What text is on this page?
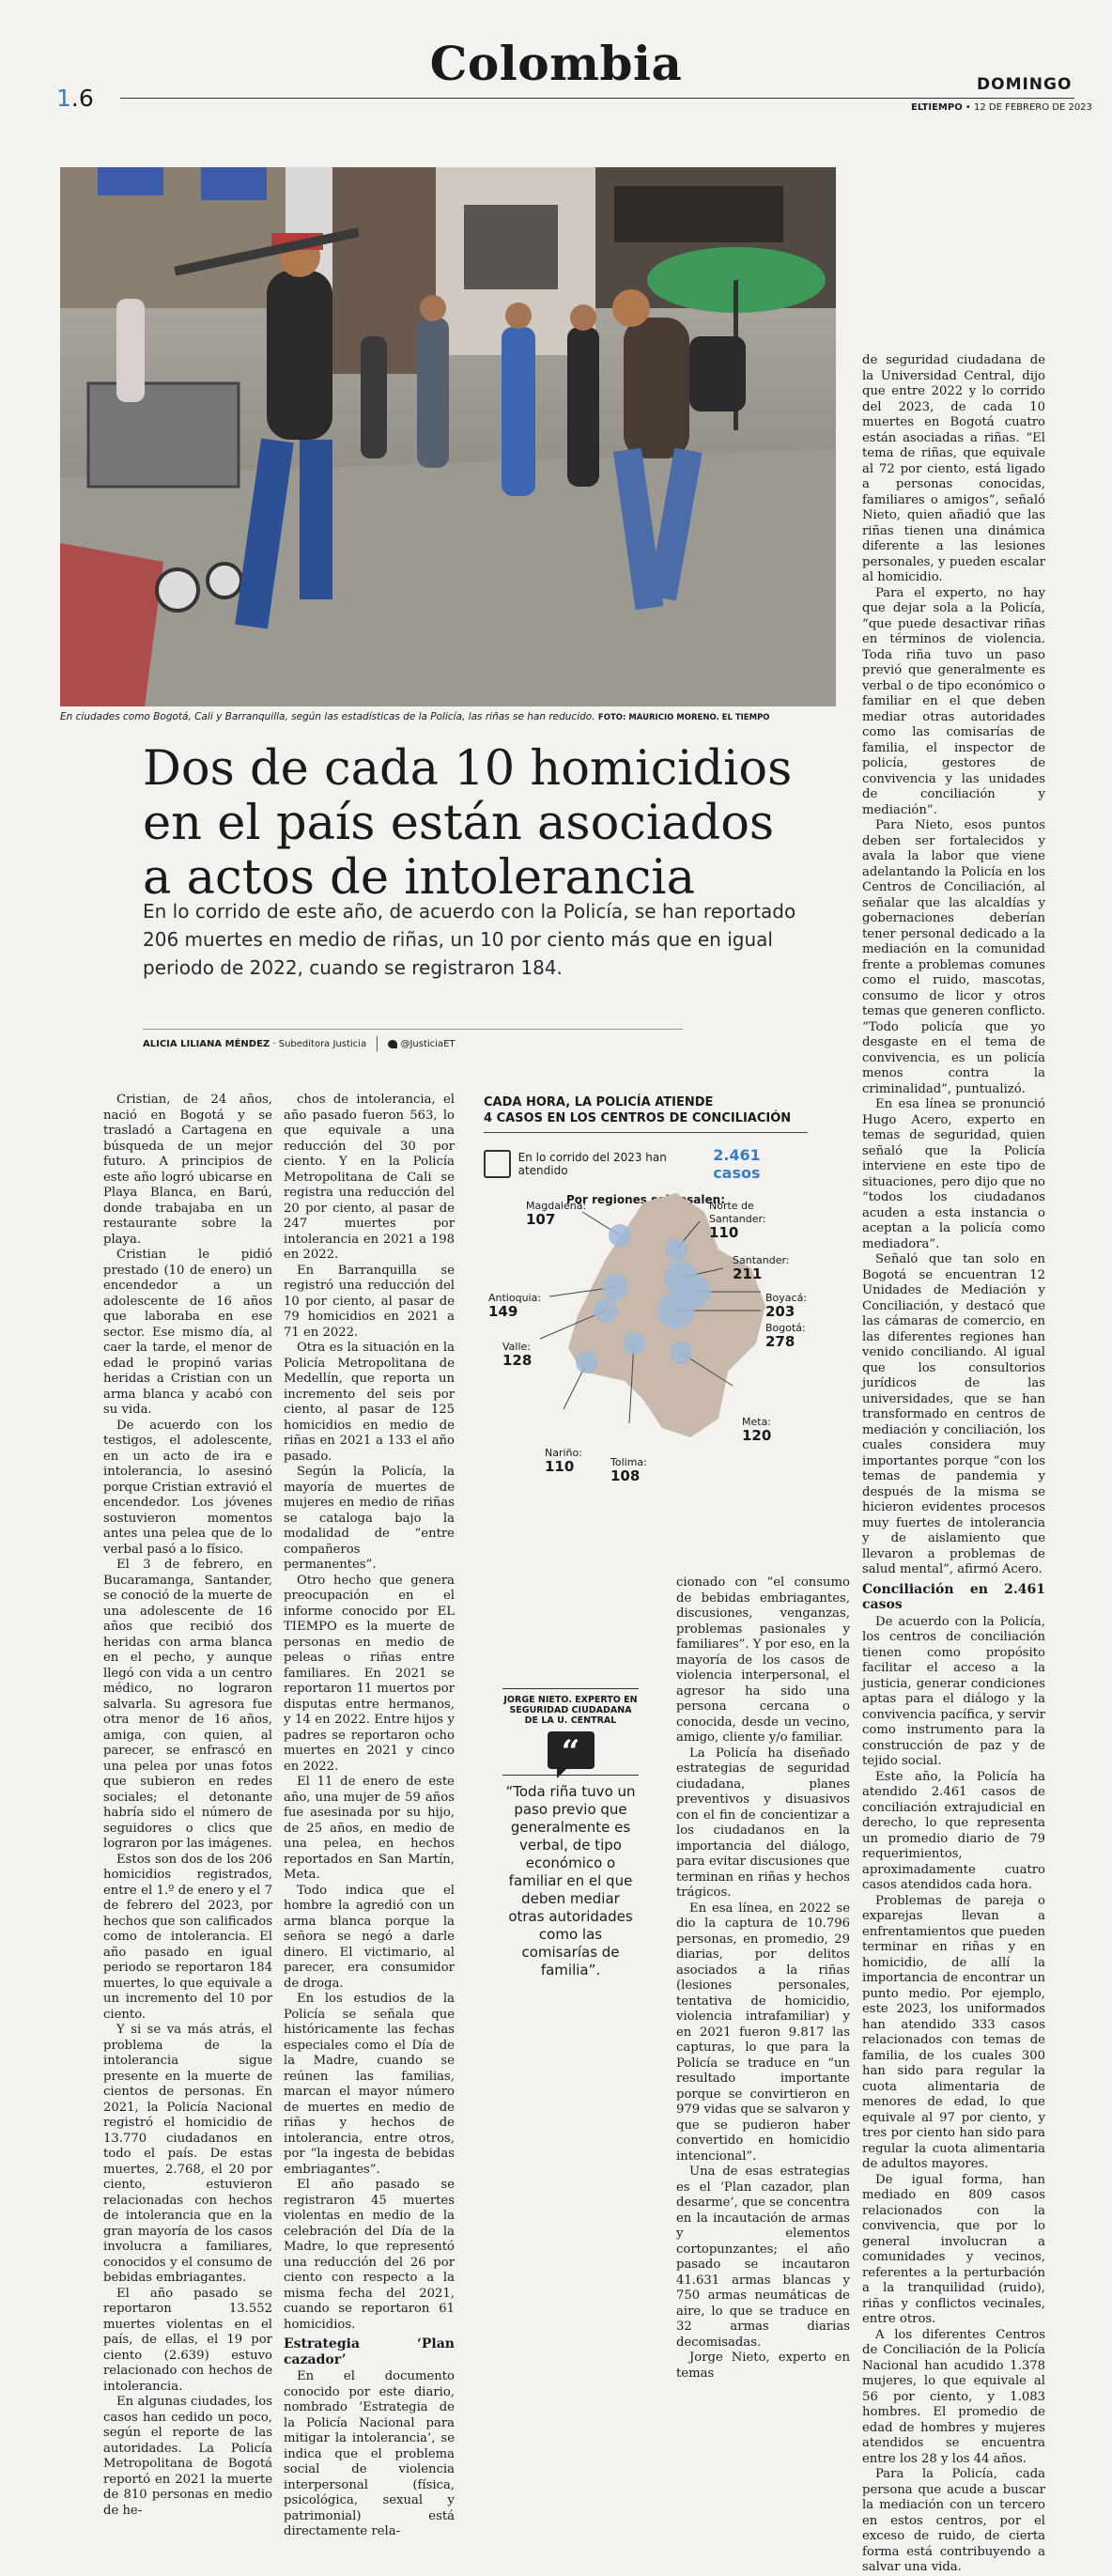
1.6
Colombia	DOMINGO
ELTIEMPO • 12 DE FEBRERO DE 2023
En ciudades como Bogotá, Cali y Barranquilla, según las estadísticas de la Policía, las riñas se han reducido. FOTO: MAURICIO MORENO. EL TIEMPO
Dos de cada 10 homicidios en el país están asociados a actos de intolerancia
En lo corrido de este año, de acuerdo con la Policía, se han reportado 206 muertes en medio de riñas, un 10 por ciento más que en igual periodo de 2022, cuando se registraron 184.
ALICIA LILIANA MÉNDEZ · Subeditora Justicia	@JusticiaET

Cristian, de 24 años, nació en Bogotá y se trasladó a Cartagena en búsqueda de un mejor futuro. A principios de este año logró ubicarse en Playa Blanca, en Barú, donde trabajaba en un restaurante sobre la playa.

Cristian le pidió prestado (10 de enero) un encendedor a un adolescente de 16 años que laboraba en ese sector. Ese mismo día, al caer la tarde, el menor de edad le propinó varias heridas a Cristian con un arma blanca y acabó con su vida.

De acuerdo con los testigos, el adolescente, en un acto de ira e intolerancia, lo asesinó porque Cristian extravió el encendedor. Los jóvenes sostuvieron momentos antes una pelea que de lo verbal pasó a lo físico.

El 3 de febrero, en Bucaramanga, Santander, se conoció de la muerte de una adolescente de 16 años que recibió dos heridas con arma blanca en el pecho, y aunque llegó con vida a un centro médico, no lograron salvarla. Su agresora fue otra menor de 16 años, amiga, con quien, al parecer, se enfrascó en una pelea por unas fotos que subieron en redes sociales; el detonante habría sido el número de seguidores o clics que lograron por las imágenes.

Estos son dos de los 206 homicidios registrados, entre el 1.º de enero y el 7 de febrero del 2023, por hechos que son calificados como de intolerancia. El año pasado en igual periodo se reportaron 184 muertes, lo que equivale a un incremento del 10 por ciento.

Y si se va más atrás, el problema de la intolerancia sigue presente en la muerte de cientos de personas. En 2021, la Policía Nacional registró el homicidio de 13.770 ciudadanos en todo el país. De estas muertes, 2.768, el 20 por ciento, estuvieron relacionadas con hechos de intolerancia que en la gran mayoría de los casos involucra a familiares, conocidos y el consumo de bebidas embriagantes.

El año pasado se reportaron 13.552 muertes violentas en el país, de ellas, el 19 por ciento (2.639) estuvo relacionado con hechos de intolerancia.

En algunas ciudades, los casos han cedido un poco, según el reporte de las autoridades. La Policía Metropolitana de Bogotá reportó en 2021 la muerte de 810 personas en medio de he-

chos de intolerancia, el año pasado fueron 563, lo que equivale a una reducción del 30 por ciento. Y en la Policía Metropolitana de Cali se registra una reducción del 20 por ciento, al pasar de 247 muertes por intolerancia en 2021 a 198 en 2022.

En Barranquilla se registró una reducción del 10 por ciento, al pasar de 79 homicidios en 2021 a 71 en 2022.

Otra es la situación en la Policía Metropolitana de Medellín, que reporta un incremento del seis por ciento, al pasar de 125 homicidios en medio de riñas en 2021 a 133 el año pasado.

Según la Policía, la mayoría de muertes de mujeres en medio de riñas se cataloga bajo la modalidad de “entre compañeros permanentes”.

Otro hecho que genera preocupación en el informe conocido por EL TIEMPO es la muerte de personas en medio de peleas o riñas entre familiares. En 2021 se reportaron 11 muertos por disputas entre hermanos, y 14 en 2022. Entre hijos y padres se reportaron ocho muertes en 2021 y cinco en 2022.

El 11 de enero de este año, una mujer de 59 años fue asesinada por su hijo, de 25 años, en medio de una pelea, en hechos reportados en San Martín, Meta.

Todo indica que el hombre la agredió con un arma blanca porque la señora se negó a darle dinero. El victimario, al parecer, era consumidor de droga.

En los estudios de la Policía se señala que históricamente las fechas especiales como el Día de la Madre, cuando se reúnen las familias, marcan el mayor número de muertes en medio de riñas y hechos de intolerancia, entre otros, por “la ingesta de bebidas embriagantes”.

El año pasado se registraron 45 muertes violentas en medio de la celebración del Día de la Madre, lo que representó una reducción del 26 por ciento con respecto a la misma fecha del 2021, cuando se reportaron 61 homicidios.

Estrategia ‘Plan cazador’

En el documento conocido por este diario, nombrado ‘Estrategia de la Policía Nacional para mitigar la intolerancia’, se indica que el problema social de violencia interpersonal (física, psicológica, sexual y patrimonial) está directamente rela-

CADA HORA, LA POLICÍA ATIENDE
4 CASOS EN LOS CENTROS DE CONCILIACIÓN
En lo corrido del 2023 han atendido
2.461 casos
Por regiones sobresalen:
Magdalena:
107
Norte de Santander:
110
Santander:
211
Antioquia:
149
Boyacá:
203
Bogotá:
278
Valle:
128
Meta:
120
Nariño:
110	Tolima:
108
JORGE NIETO. EXPERTO EN SEGURIDAD CIUDADANA DE LA U. CENTRAL
“
“Toda riña tuvo un paso previo que generalmente es verbal, de tipo económico o familiar en el que deben mediar otras autoridades como las comisarías de familia”.

cionado con “el consumo de bebidas embriagantes, discusiones, venganzas, problemas pasionales y familiares”. Y por eso, en la mayoría de los casos de violencia interpersonal, el agresor ha sido una persona cercana o conocida, desde un vecino, amigo, cliente y/o familiar.

La Policía ha diseñado estrategias de seguridad ciudadana, planes preventivos y disuasivos con el fin de concientizar a los ciudadanos en la importancia del diálogo, para evitar discusiones que terminan en riñas y hechos trágicos.

En esa línea, en 2022 se dio la captura de 10.796 personas, en promedio, 29 diarias, por delitos asociados a la riñas (lesiones personales, tentativa de homicidio, violencia intrafamiliar) y en 2021 fueron 9.817 las capturas, lo que para la Policía se traduce en “un resultado importante porque se convirtieron en 979 vidas que se salvaron y que se pudieron haber convertido en homicidio intencional”.

Una de esas estrategias es el ‘Plan cazador, plan desarme’, que se concentra en la incautación de armas y elementos cortopunzantes; el año pasado se incautaron 41.631 armas blancas y 750 armas neumáticas de aire, lo que se traduce en 32 armas diarias decomisadas.

Jorge Nieto, experto en temas

de seguridad ciudadana de la Universidad Central, dijo que entre 2022 y lo corrido del 2023, de cada 10 muertes en Bogotá cuatro están asociadas a riñas. “El tema de riñas, que equivale al 72 por ciento, está ligado a personas conocidas, familiares o amigos”, señaló Nieto, quien añadió que las riñas tienen una dinámica diferente a las lesiones personales, y pueden escalar al homicidio.

Para el experto, no hay que dejar sola a la Policía, “que puede desactivar riñas en términos de violencia. Toda riña tuvo un paso previó que generalmente es verbal o de tipo económico o familiar en el que deben mediar otras autoridades como las comisarías de familia, el inspector de policía, gestores de convivencia y las unidades de conciliación y mediación”.

Para Nieto, esos puntos deben ser fortalecidos y avala la labor que viene adelantando la Policía en los Centros de Conciliación, al señalar que las alcaldías y gobernaciones deberían tener personal dedicado a la mediación en la comunidad frente a problemas comunes como el ruido, mascotas, consumo de licor y otros temas que generen conflicto. “Todo policía que yo desgaste en el tema de convivencia, es un policía menos contra la criminalidad”, puntualizó.

En esa línea se pronunció Hugo Acero, experto en temas de seguridad, quien señaló que la Policía interviene en este tipo de situaciones, pero dijo que no “todos los ciudadanos acuden a esta instancia o aceptan a la policía como mediadora”.

Señaló que tan solo en Bogotá se encuentran 12 Unidades de Mediación y Conciliación, y destacó que las cámaras de comercio, en las diferentes regiones han venido conciliando. Al igual que los consultorios jurídicos de las universidades, que se han transformado en centros de mediación y conciliación, los cuales considera muy importantes porque “con los temas de pandemia y después de la misma se hicieron evidentes procesos muy fuertes de intolerancia y de aislamiento que llevaron a problemas de salud mental”, afirmó Acero.

Conciliación en 2.461 casos

De acuerdo con la Policía, los centros de conciliación tienen como propósito facilitar el acceso a la justicia, generar condiciones aptas para el diálogo y la convivencia pacífica, y servir como instrumento para la construcción de paz y de tejido social.

Este año, la Policía ha atendido 2.461 casos de conciliación extrajudicial en derecho, lo que representa un promedio diario de 79 requerimientos, aproximadamente cuatro casos atendidos cada hora.

Problemas de pareja o exparejas llevan a enfrentamientos que pueden terminar en riñas y en homicidio, de allí la importancia de encontrar un punto medio. Por ejemplo, este 2023, los uniformados han atendido 333 casos relacionados con temas de familia, de los cuales 300 han sido para regular la cuota alimentaria de menores de edad, lo que equivale al 97 por ciento, y tres por ciento han sido para regular la cuota alimentaria de adultos mayores.

De igual forma, han mediado en 809 casos relacionados con la convivencia, que por lo general involucran a comunidades y vecinos, referentes a la perturbación a la tranquilidad (ruido), riñas y conflictos vecinales, entre otros.

A los diferentes Centros de Conciliación de la Policía Nacional han acudido 1.378 mujeres, lo que equivale al 56 por ciento, y 1.083 hombres. El promedio de edad de hombres y mujeres atendidos se encuentra entre los 28 y los 44 años.

Para la Policía, cada persona que acude a buscar la mediación con un tercero en estos centros, por el exceso de ruido, de cierta forma está contribuyendo a salvar una vida.
